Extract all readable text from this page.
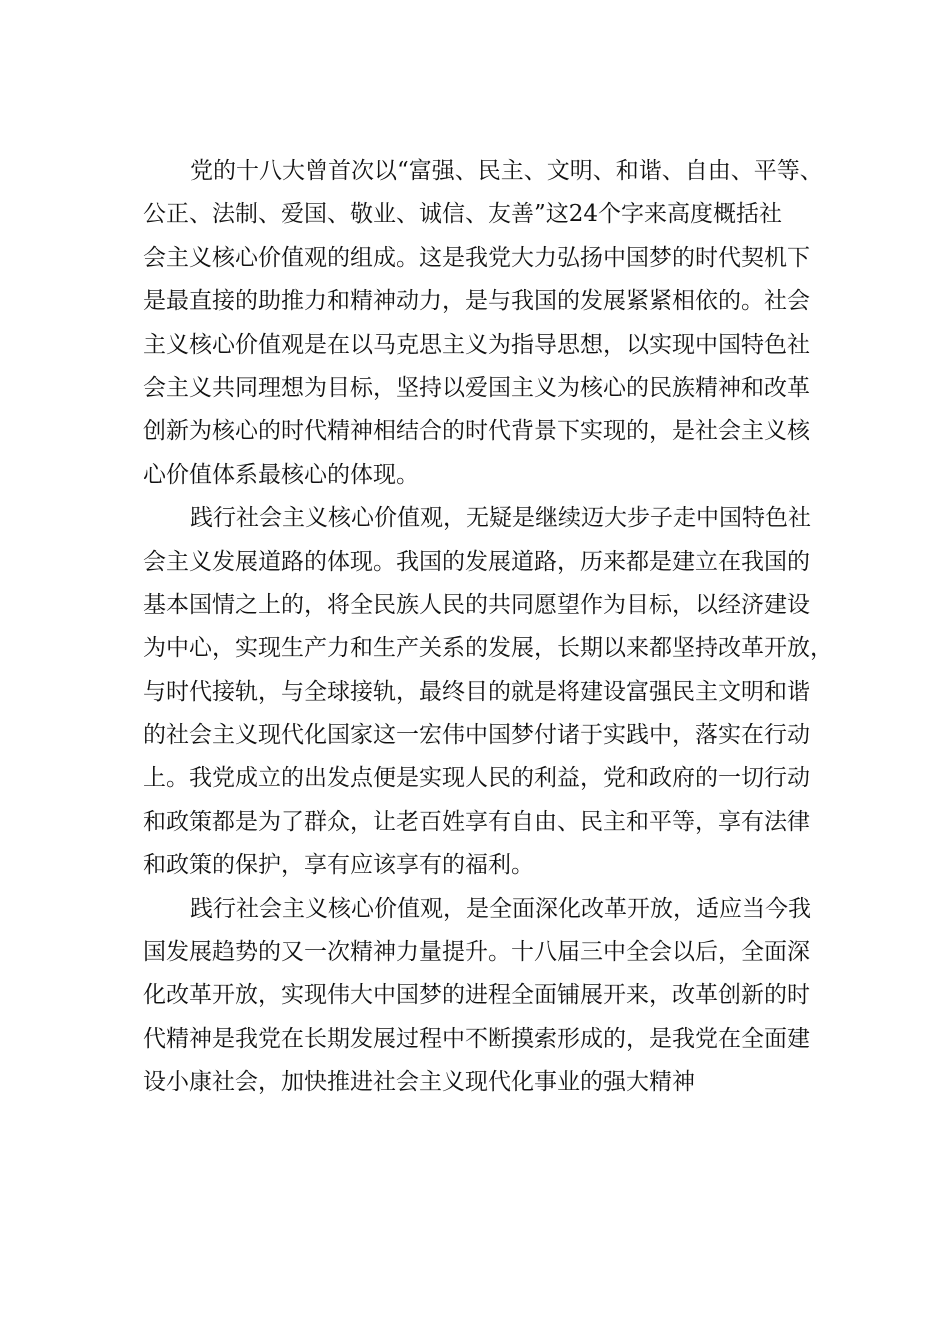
党的十八大曾首次以“富强、民主、文明、和谐、自由、平等、
公正、法制、爱国、敬业、诚信、友善”这24个字来高度概括社
会主义核心价值观的组成。这是我党大力弘扬中国梦的时代契机下
是最直接的助推力和精神动力，是与我国的发展紧紧相依的。社会
主义核心价值观是在以马克思主义为指导思想，以实现中国特色社
会主义共同理想为目标，坚持以爱国主义为核心的民族精神和改革
创新为核心的时代精神相结合的时代背景下实现的，是社会主义核
心价值体系最核心的体现。
践行社会主义核心价值观，无疑是继续迈大步子走中国特色社
会主义发展道路的体现。我国的发展道路，历来都是建立在我国的
基本国情之上的，将全民族人民的共同愿望作为目标，以经济建设
为中心，实现生产力和生产关系的发展，长期以来都坚持改革开放，
与时代接轨，与全球接轨，最终目的就是将建设富强民主文明和谐
的社会主义现代化国家这一宏伟中国梦付诸于实践中，落实在行动
上。我党成立的出发点便是实现人民的利益，党和政府的一切行动
和政策都是为了群众，让老百姓享有自由、民主和平等，享有法律
和政策的保护，享有应该享有的福利。
践行社会主义核心价值观，是全面深化改革开放，适应当今我
国发展趋势的又一次精神力量提升。十八届三中全会以后，全面深
化改革开放，实现伟大中国梦的进程全面铺展开来，改革创新的时
代精神是我党在长期发展过程中不断摸索形成的，是我党在全面建
设小康社会，加快推进社会主义现代化事业的强大精神
